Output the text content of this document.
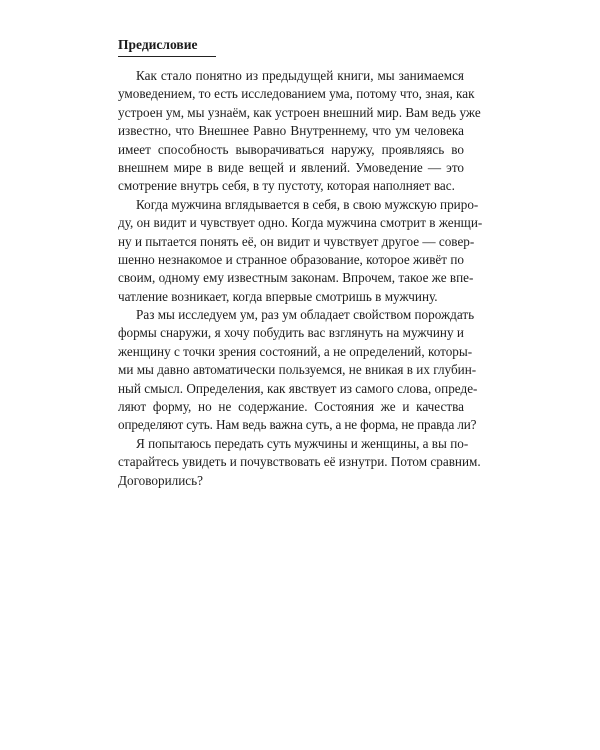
Предисловие
Как стало понятно из предыдущей книги, мы занимаемся
умоведением, то есть исследованием ума, потому что, зная, как
устроен ум, мы узнаём, как устроен внешний мир. Вам ведь уже
известно, что Внешнее Равно Внутреннему, что ум человека
имеет способность выворачиваться наружу, проявляясь во
внешнем мире в виде вещей и явлений. Умоведение — это
смотрение внутрь себя, в ту пустоту, которая наполняет вас.
Когда мужчина вглядывается в себя, в свою мужскую приро-
ду, он видит и чувствует одно. Когда мужчина смотрит в женщи-
ну и пытается понять её, он видит и чувствует другое — совер-
шенно незнакомое и странное образование, которое живёт по
своим, одному ему известным законам. Впрочем, такое же впе-
чатление возникает, когда впервые смотришь в мужчину.
Раз мы исследуем ум, раз ум обладает свойством порождать
формы снаружи, я хочу побудить вас взглянуть на мужчину и
женщину с точки зрения состояний, а не определений, которы-
ми мы давно автоматически пользуемся, не вникая в их глубин-
ный смысл. Определения, как явствует из самого слова, опреде-
ляют форму, но не содержание. Состояния же и качества
определяют суть. Нам ведь важна суть, а не форма, не правда ли?
Я попытаюсь передать суть мужчины и женщины, а вы по-
старайтесь увидеть и почувствовать её изнутри. Потом сравним.
Договорились?
